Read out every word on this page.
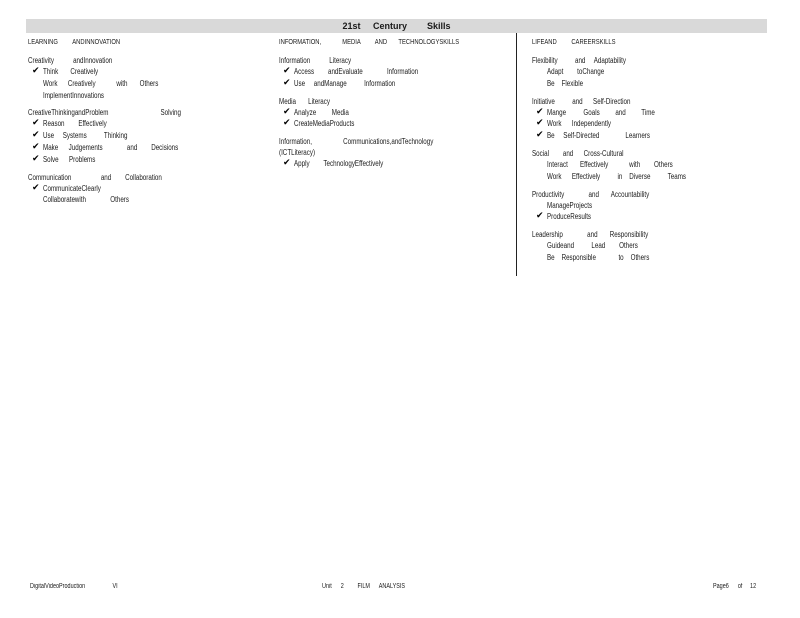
21st     Century        Skills
LEARNING         ANDINNOVATION
Creativity           andInnovation
✔ Think       Creatively
Work      Creatively            with       Others
ImplementInnovations
CreativeThinkingandProblem                              Solving
✔ Reason        Effectively
✔ Use     Systems          Thinking
✔ Make      Judgements              and        Decisions
✔ Solve      Problems
Communication                 and        Collaboration
✔ CommunicateClearly
Collaboratewith              Others
INFORMATION,             MEDIA         AND       TECHNOLOGYSKILLS
Information           Literacy
✔ Access        andEvaluate              Information
✔ Use     andManage          Information
Media       Literacy
✔ Analyze         Media
✔ CreateMediaProducts
Information,                  Communications,andTechnology
(ICTLiteracy)
✔ Apply        TechnologyEffectively
LIFEAND         CAREERSKILLS
Flexibility          and     Adaptability
Adapt        toChange
Be    Flexible
Initiative          and      Self-Direction
✔ Mange          Goals         and         Time
✔ Work      Independently
✔ Be     Self-Directed               Learners
Social        and      Cross-Cultural
Interact       Effectively            with        Others
Work      Effectively          in    Diverse          Teams
Productivity              and       Accountability
ManageProjects
✔ ProduceResults
Leadership              and       Responsibility
Guideand          Lead        Others
Be    Responsible             to    Others
DigitalVideoProduction                  VI	Unit      2         FILM      ANALYSIS	Page6      of     12
